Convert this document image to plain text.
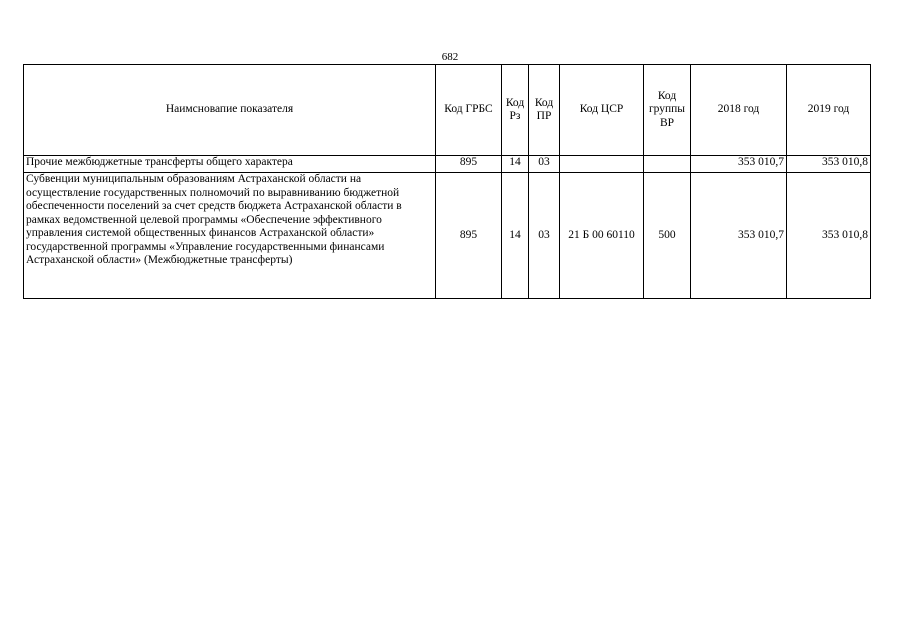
682
Наимсновапие показателя	Код ГРБС	Код Рз	Код ПР	Код ЦСР	Код группы ВР	2018 год	2019 год
Прочие межбюджетные трансферты общего характера	895	14	03			353 010,7	353 010,8
Субвенции муниципальным образованиям Астраханской области на осуществление государственных полномочий по выравниванию бюджетной обеспеченности поселений за счет средств бюджета Астраханской области в рамках ведомственной целевой программы «Обеспечение эффективного управления системой общественных финансов Астраханской области» государственной программы «Управление государственными финансами Астраханской области» (Межбюджетные трансферты)	895	14	03	21 Б 00 60110	500	353 010,7	353 010,8
